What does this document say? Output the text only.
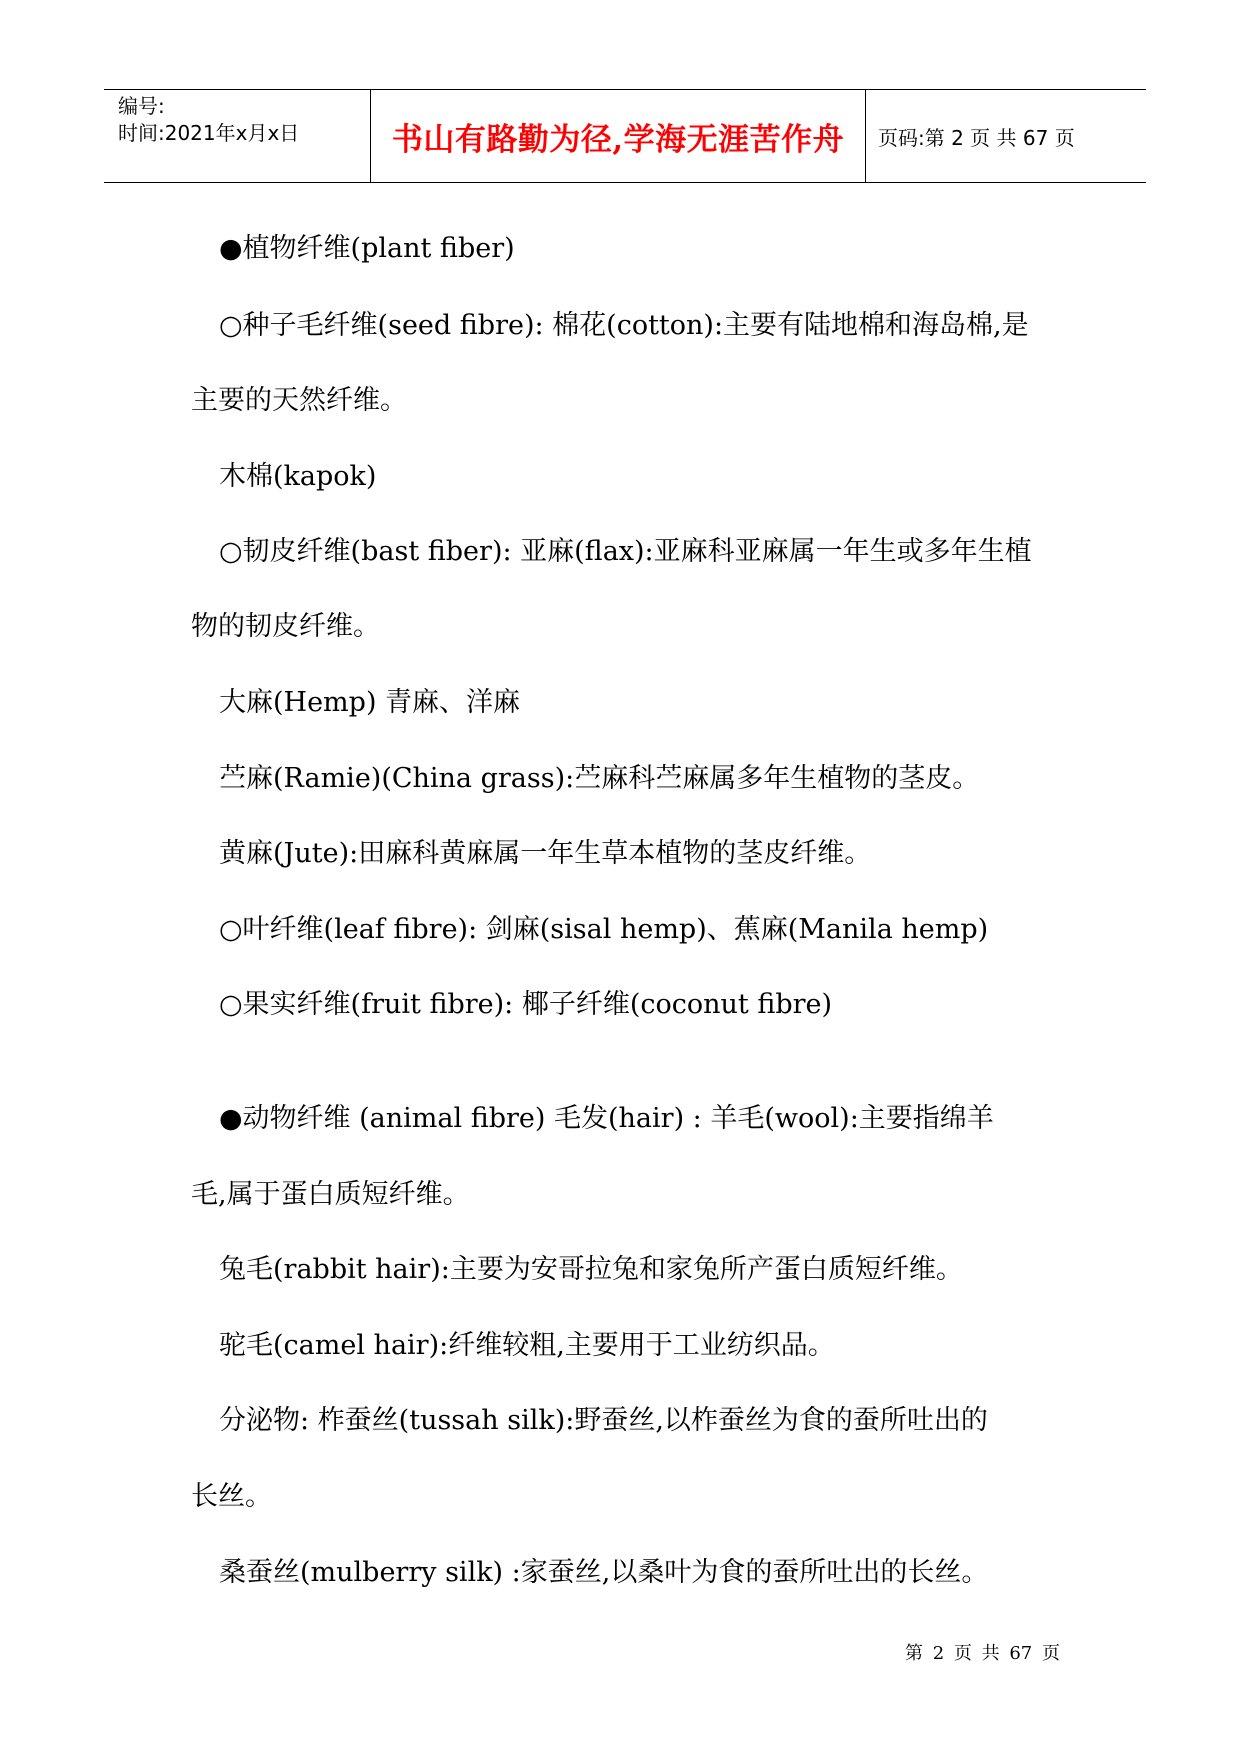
编号:
时间:2021年x月x日	书山有路勤为径,学海无涯苦作舟 页码:第 2 页 共 67 页
●植物纤维(plant fiber)
○种子毛纤维(seed fibre): 棉花(cotton):主要有陆地棉和海岛棉,是
主要的天然纤维。
木棉(kapok)
○韧皮纤维(bast fiber): 亚麻(flax):亚麻科亚麻属一年生或多年生植
物的韧皮纤维。
大麻(Hemp) 青麻、洋麻
苎麻(Ramie)(China grass):苎麻科苎麻属多年生植物的茎皮。
黄麻(Jute):田麻科黄麻属一年生草本植物的茎皮纤维。
○叶纤维(leaf fibre): 剑麻(sisal hemp)、蕉麻(Manila hemp)
○果实纤维(fruit fibre): 椰子纤维(coconut fibre)
●动物纤维 (animal fibre) 毛发(hair) : 羊毛(wool):主要指绵羊
毛,属于蛋白质短纤维。
兔毛(rabbit hair):主要为安哥拉兔和家兔所产蛋白质短纤维。
驼毛(camel hair):纤维较粗,主要用于工业纺织品。
分泌物: 柞蚕丝(tussah silk):野蚕丝,以柞蚕丝为食的蚕所吐出的
长丝。
桑蚕丝(mulberry silk) :家蚕丝,以桑叶为食的蚕所吐出的长丝。
第 2 页 共 67 页
